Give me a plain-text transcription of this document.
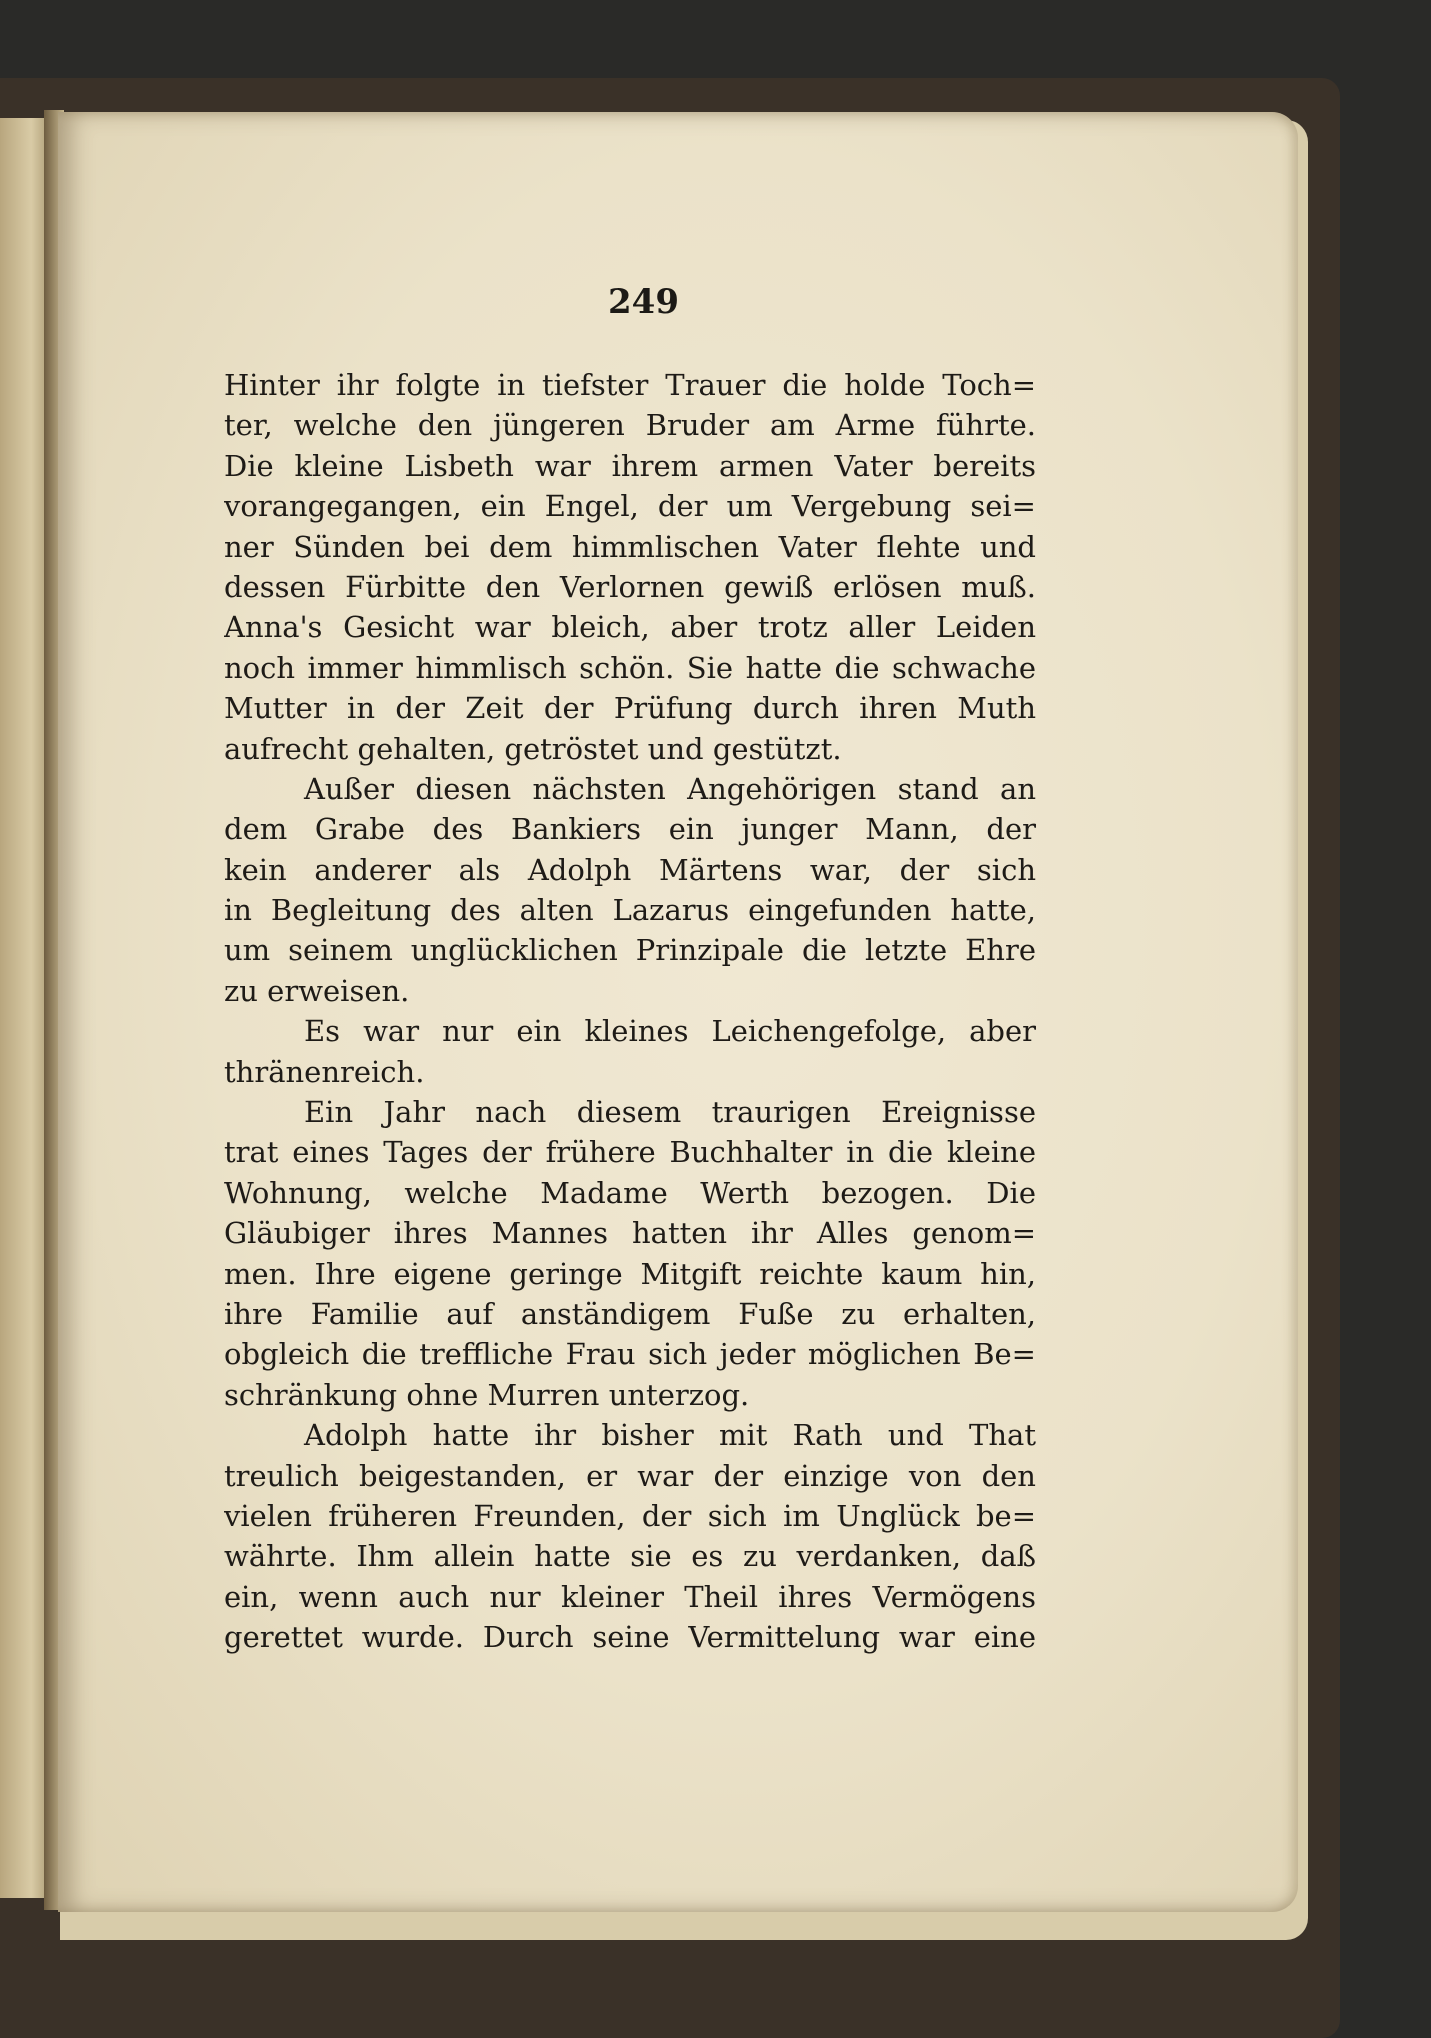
249
Hinter ihr folgte in tiefster Trauer die holde Toch=
ter, welche den jüngeren Bruder am Arme führte.
Die kleine Lisbeth war ihrem armen Vater bereits
vorangegangen, ein Engel, der um Vergebung sei=
ner Sünden bei dem himmlischen Vater flehte und
dessen Fürbitte den Verlornen gewiß erlösen muß.
Anna's Gesicht war bleich, aber trotz aller Leiden
noch immer himmlisch schön. Sie hatte die schwache
Mutter in der Zeit der Prüfung durch ihren Muth
aufrecht gehalten, getröstet und gestützt.
Außer diesen nächsten Angehörigen stand an
dem Grabe des Bankiers ein junger Mann, der
kein anderer als Adolph Märtens war, der sich
in Begleitung des alten Lazarus eingefunden hatte,
um seinem unglücklichen Prinzipale die letzte Ehre
zu erweisen.
Es war nur ein kleines Leichengefolge, aber
thränenreich.
Ein Jahr nach diesem traurigen Ereignisse
trat eines Tages der frühere Buchhalter in die kleine
Wohnung, welche Madame Werth bezogen. Die
Gläubiger ihres Mannes hatten ihr Alles genom=
men. Ihre eigene geringe Mitgift reichte kaum hin,
ihre Familie auf anständigem Fuße zu erhalten,
obgleich die treffliche Frau sich jeder möglichen Be=
schränkung ohne Murren unterzog.
Adolph hatte ihr bisher mit Rath und That
treulich beigestanden, er war der einzige von den
vielen früheren Freunden, der sich im Unglück be=
währte. Ihm allein hatte sie es zu verdanken, daß
ein, wenn auch nur kleiner Theil ihres Vermögens
gerettet wurde. Durch seine Vermittelung war eine
